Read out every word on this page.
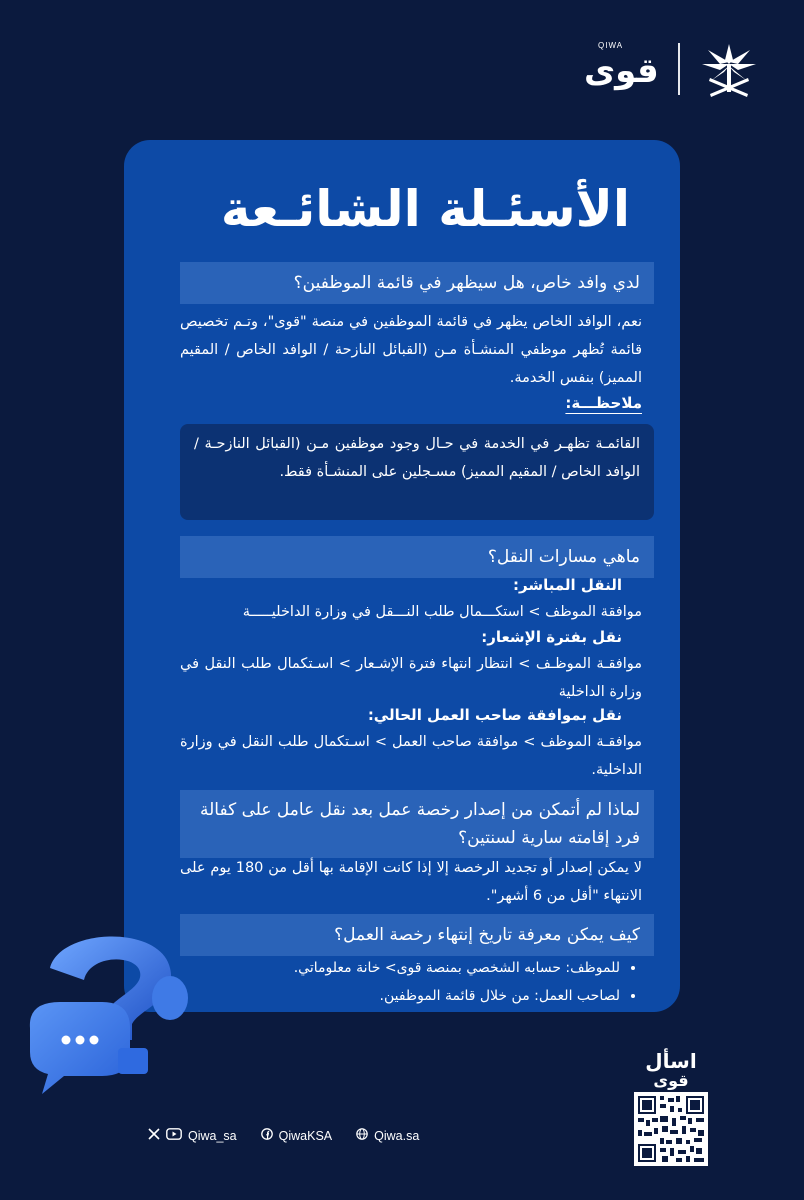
QIWA
قوى
الأسئـلة الشائـعة
لدي وافد خاص، هل سيظهر في قائمة الموظفين؟
نعم، الوافد الخاص يظهر في قائمة الموظفين في منصة "قوى"، وتـم تخصيص قائمة تُظهر موظفي المنشـأة مـن (القبائل النازحة / الوافد الخاص / المقيم المميز) بنفس الخدمة.
ملاحظـــة:
القائمـة تظهـر في الخدمة في حـال وجود موظفين مـن (القبائل النازحـة / الوافد الخاص / المقيم المميز) مسـجلين على المنشـأة فقط.
ماهي مسارات النقل؟
النقل المباشر:
موافقة الموظف > استكـــمال طلب النـــقل في وزارة الداخليـــــة
نقل بفترة الإشعار:
موافقـة الموظـف > انتظار انتهاء فترة الإشـعار > اسـتكمال طلب النقل في وزارة الداخلية
نقل بموافقة صاحب العمل الحالي:
موافقـة الموظف > موافقة صاحب العمل > اسـتكمال طلب النقل في وزارة الداخلية.
لماذا لم أتمكن من إصدار رخصة عمل بعد نقل عامل على كفالة فرد إقامته سارية لسنتين؟
لا يمكن إصدار أو تجديد الرخصة إلا إذا كانت الإقامة بها أقل من 180 يوم على الانتهاء "أقل من 6 أشهر".
كيف يمكن معرفة تاريخ إنتهاء رخصة العمل؟
• للموظف: حسابه الشخصي بمنصة قوى> خانة معلوماتي.
• لصاحب العمل: من خلال قائمة الموظفين.
Qiwa_sa	QiwaKSA	Qiwa.sa
اسأل
قوى
